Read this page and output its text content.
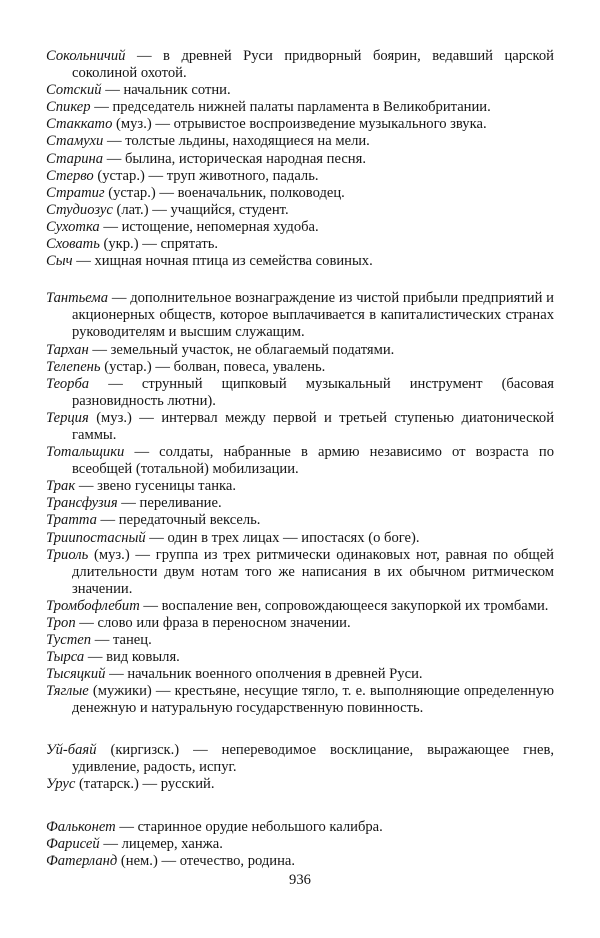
Сокольничий — в древней Руси придворный боярин, ведавший царской соколиной охотой.

Сотский — начальник сотни.

Спикер — председатель нижней палаты парламента в Великобритании.

Стаккато (муз.) — отрывистое воспроизведение музыкального звука.

Стамухи — толстые льдины, находящиеся на мели.

Старина — былина, историческая народная песня.

Стерво (устар.) — труп животного, падаль.

Стратиг (устар.) — военачальник, полководец.

Студиозус (лат.) — учащийся, студент.

Сухотка — истощение, непомерная худоба.

Сховать (укр.) — спрятать.

Сыч — хищная ночная птица из семейства совиных.

Тантьема — дополнительное вознаграждение из чистой прибыли предприятий и акционерных обществ, которое выплачивается в капиталистических странах руководителям и высшим служащим.

Тархан — земельный участок, не облагаемый податями.

Телепень (устар.) — болван, повеса, увалень.

Теорба — струнный щипковый музыкальный инструмент (басовая разновидность лютни).

Терция (муз.) — интервал между первой и третьей ступенью диатонической гаммы.

Тотальщики — солдаты, набранные в армию независимо от возраста по всеобщей (тотальной) мобилизации.

Трак — звено гусеницы танка.

Трансфузия — переливание.

Тратта — передаточный вексель.

Триипостасный — один в трех лицах — ипостасях (о боге).

Триоль (муз.) — группа из трех ритмически одинаковых нот, равная по общей длительности двум нотам того же написания в их обычном ритмическом значении.

Тромбофлебит — воспаление вен, сопровождающееся закупоркой их тромбами.

Троп — слово или фраза в переносном значении.

Тустеп — танец.

Тырса — вид ковыля.

Тысяцкий — начальник военного ополчения в древней Руси.

Тяглые (мужики) — крестьяне, несущие тягло, т. е. выполняющие определенную денежную и натуральную государственную повинность.

Уй-баяй (киргизск.) — непереводимое восклицание, выражающее гнев, удивление, радость, испуг.

Урус (татарск.) — русский.

Фальконет — старинное орудие небольшого калибра.

Фарисей — лицемер, ханжа.

Фатерланд (нем.) — отечество, родина.

936
